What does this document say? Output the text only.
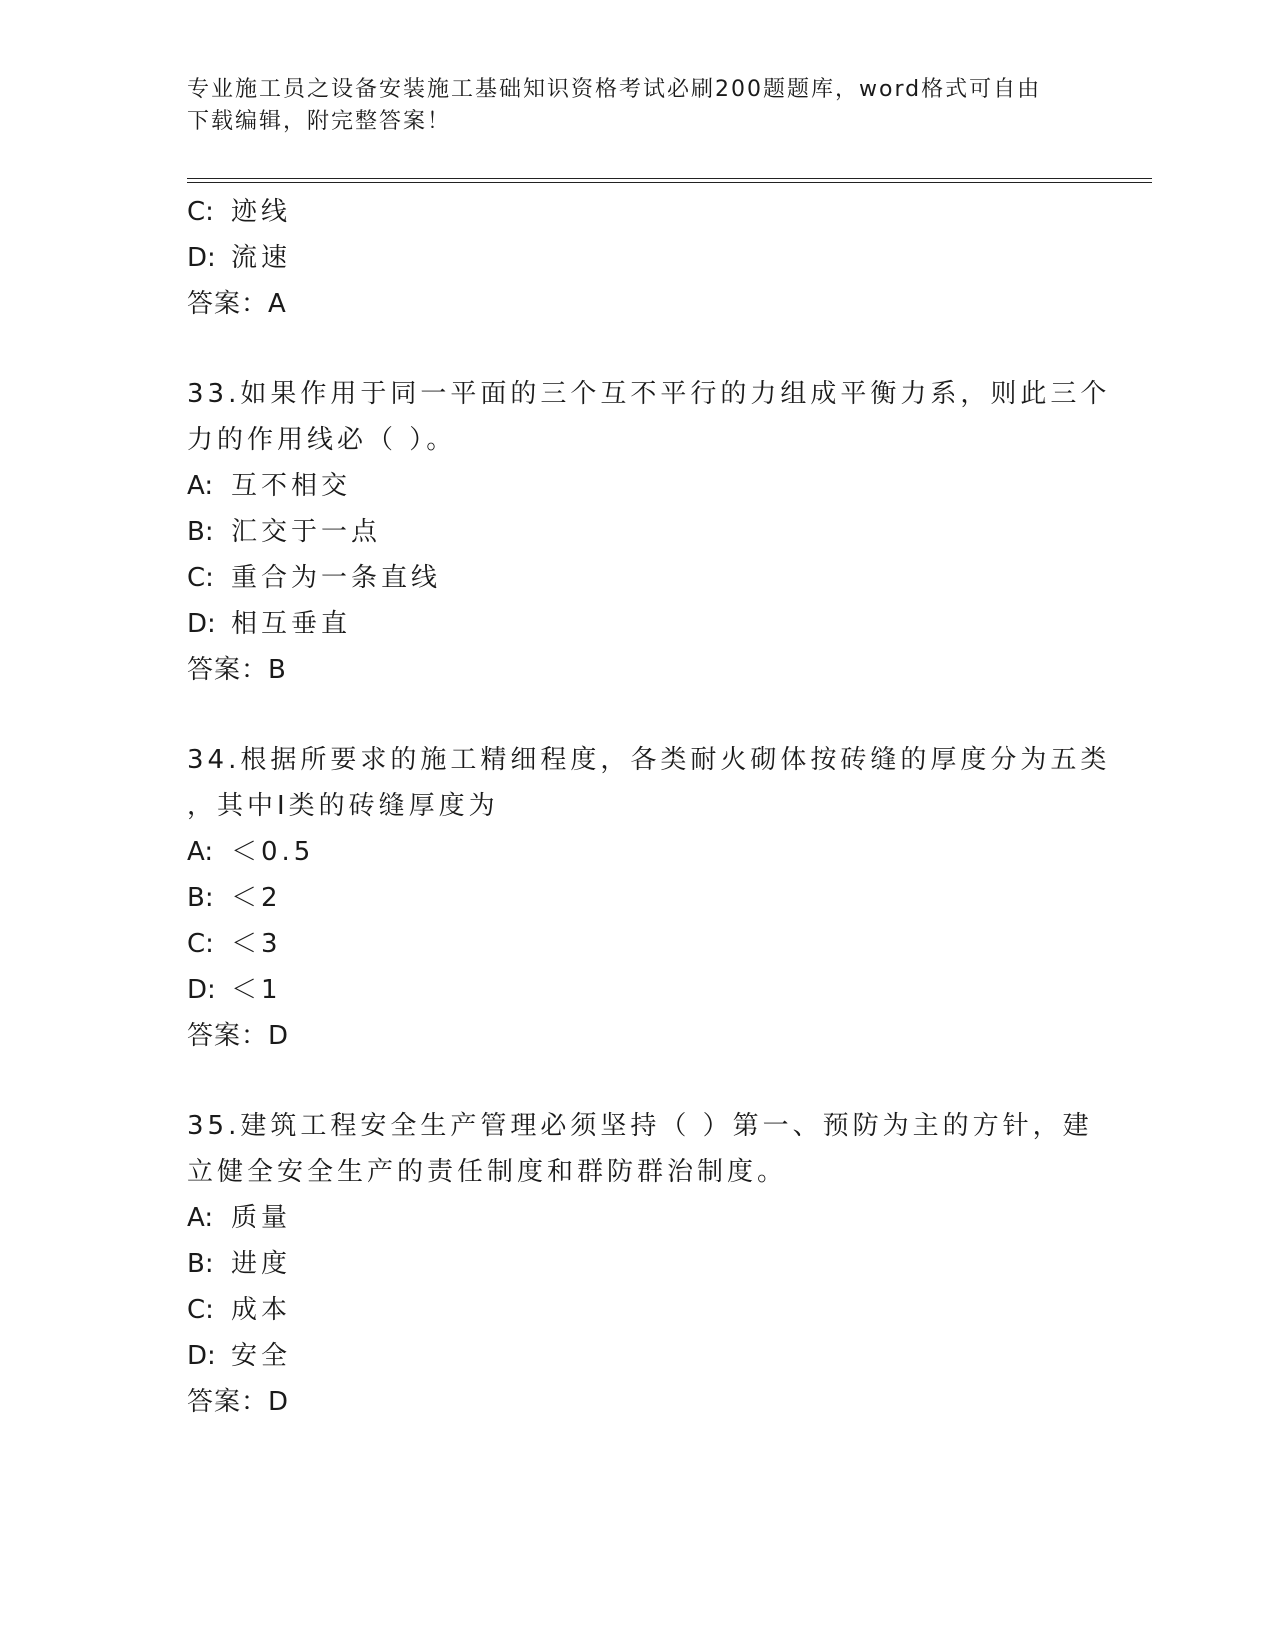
专业施工员之设备安装施工基础知识资格考试必刷200题题库，word格式可自由
下载编辑，附完整答案！
C: 迹线
D: 流速
答案：A
33.如果作用于同一平面的三个互不平行的力组成平衡力系，则此三个
力的作用线必（ ）。
A: 互不相交
B: 汇交于一点
C: 重合为一条直线
D: 相互垂直
答案：B
34.根据所要求的施工精细程度，各类耐火砌体按砖缝的厚度分为五类
，其中Ⅰ类的砖缝厚度为
A: ＜0.5
B: ＜2
C: ＜3
D: ＜1
答案：D
35.建筑工程安全生产管理必须坚持（ ）第一、预防为主的方针，建
立健全安全生产的责任制度和群防群治制度。
A: 质量
B: 进度
C: 成本
D: 安全
答案：D
